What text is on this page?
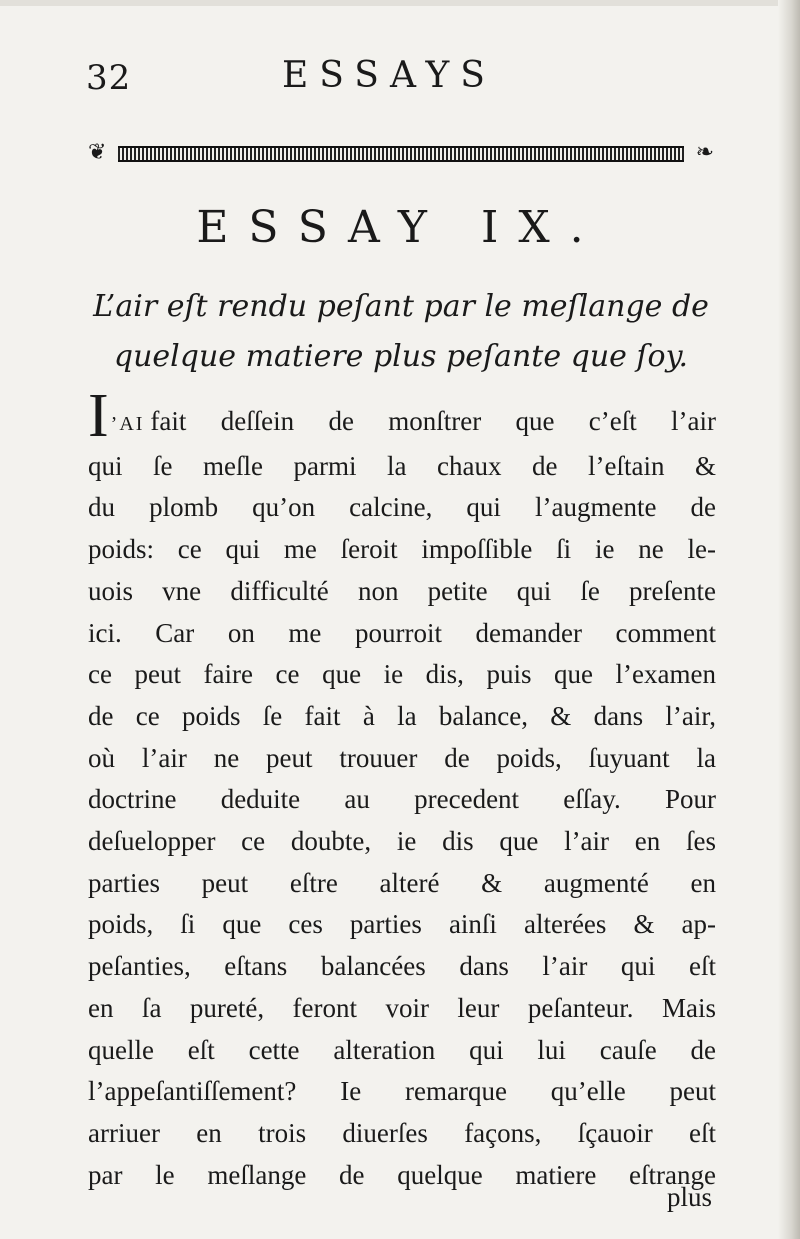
32	ESSAYS
❦	❧
ESSAY IX.
L’air eſt rendu peſant par le meſlange de
quelque matiere plus peſante que ſoy.
I ’AI fait deſſein de monſtrer que c’eſt l’air
qui ſe meſle parmi la chaux de l’eſtain &
du plomb qu’on calcine, qui l’augmente de
poids: ce qui me ſeroit impoſſible ſi ie ne le-
uois vne difficulté non petite qui ſe preſente
ici. Car on me pourroit demander comment
ce peut faire ce que ie dis, puis que l’examen
de ce poids ſe fait à la balance, & dans l’air,
où l’air ne peut trouuer de poids, ſuyuant la
doctrine deduite au precedent eſſay. Pour
deſuelopper ce doubte, ie dis que l’air en ſes
parties peut eſtre alteré & augmenté en
poids, ſi que ces parties ainſi alterées & ap-
peſanties, eſtans balancées dans l’air qui eſt
en ſa pureté, feront voir leur peſanteur. Mais
quelle eſt cette alteration qui lui cauſe de
l’appeſantiſſement? Ie remarque qu’elle peut
arriuer en trois diuerſes façons, ſçauoir eſt
par le meſlange de quelque matiere eſtrange
plus
